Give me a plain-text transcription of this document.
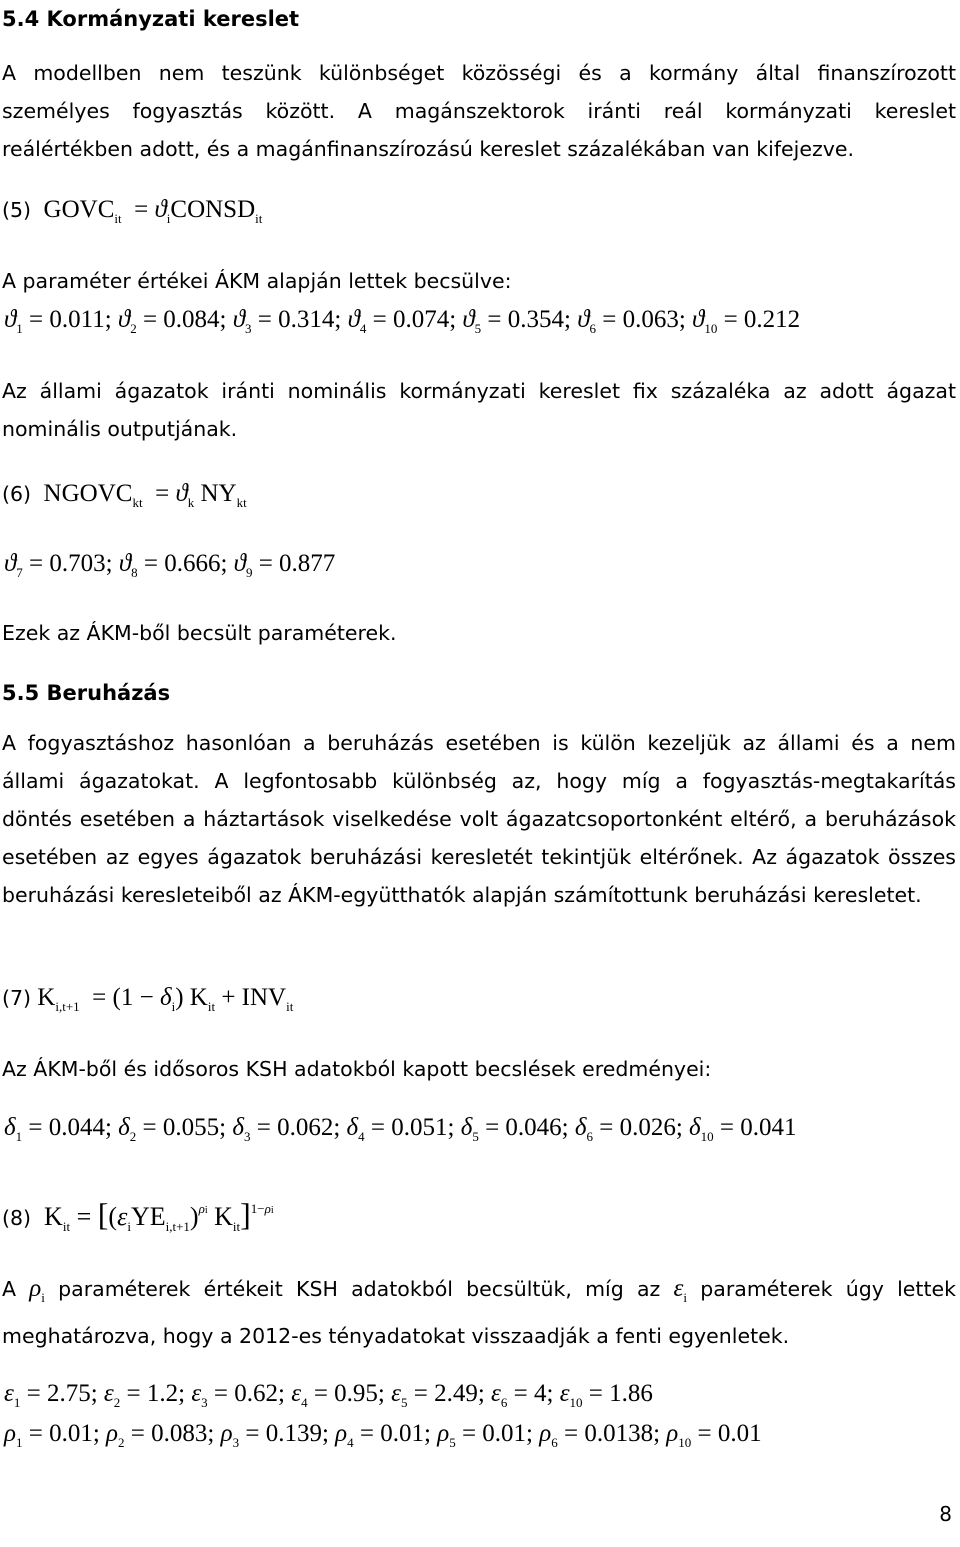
5.4 Kormányzati kereslet
A modellben nem teszünk különbséget közösségi és a kormány által finanszírozott személyes fogyasztás között. A magánszektorok iránti reál kormányzati kereslet reálértékben adott, és a magánfinanszírozású kereslet százalékában van kifejezve.
(5)  $GOVC_{it}$  = $ϑ_iCONSD_{it}$
A paraméter értékei ÁKM alapján lettek becsülve:
$ϑ_1 = 0.011$; $ϑ_2 = 0.084$; $ϑ_3 = 0.314$; $ϑ_4 = 0.074$; $ϑ_5 = 0.354$; $ϑ_6 = 0.063$; $ϑ_{10} = 0.212$
Az állami ágazatok iránti nominális kormányzati kereslet fix százaléka az adott ágazat nominális outputjának.
(6)  $NGOVC_{kt} = ϑ_k$ $NY_{kt}$
$ϑ_7 = 0.703$; $ϑ_8 = 0.666$; $ϑ_9 = 0.877$
Ezek az ÁKM-ből becsült paraméterek.
5.5 Beruházás
A fogyasztáshoz hasonlóan a beruházás esetében is külön kezeljük az állami és a nem állami ágazatokat. A legfontosabb különbség az, hogy míg a fogyasztás-megtakarítás döntés esetében a háztartások viselkedése volt ágazatcsoportonként eltérő, a beruházások esetében az egyes ágazatok beruházási keresletét tekintjük eltérőnek. Az ágazatok összes beruházási keresleteiből az ÁKM-együtthatók alapján számítottunk beruházási keresletet.
(7) $K_{i,t+1} = (1 - \delta_i) K_{it} + INV_{it}$
Az ÁKM-ből és idősoros KSH adatokból kapott becslések eredményei:
$\delta_1 = 0.044$; $\delta_2 = 0.055$; $\delta_3 = 0.062$; $\delta_4 = 0.051$; $\delta_5 = 0.046$; $\delta_6 = 0.026$; $\delta_{10} = 0.041$
(8)  $K_{it} = [(\varepsilon_iYE_{i,t+1})^{\rho i}$ $K_{it}]^{1-\rho i}$
A $\rho_i$ paraméterek értékeit KSH adatokból becsültük, míg az $\varepsilon_i$ paraméterek úgy lettek meghatározva, hogy a 2012-es tényadatokat visszaadják a fenti egyenletek.
$\varepsilon_1 = 2.75$; $\varepsilon_2 = 1.2$; $\varepsilon_3 = 0.62$; $\varepsilon_4 = 0.95$; $\varepsilon_5 = 2.49$; $\varepsilon_6 = 4$; $\varepsilon_{10} = 1.86$
$\rho_1 = 0.01$; $\rho_2 = 0.083$; $\rho_3 = 0.139$; $\rho_4 = 0.01$; $\rho_5 = 0.01$; $\rho_6 = 0.0138$; $\rho_{10} = 0.01$
8
